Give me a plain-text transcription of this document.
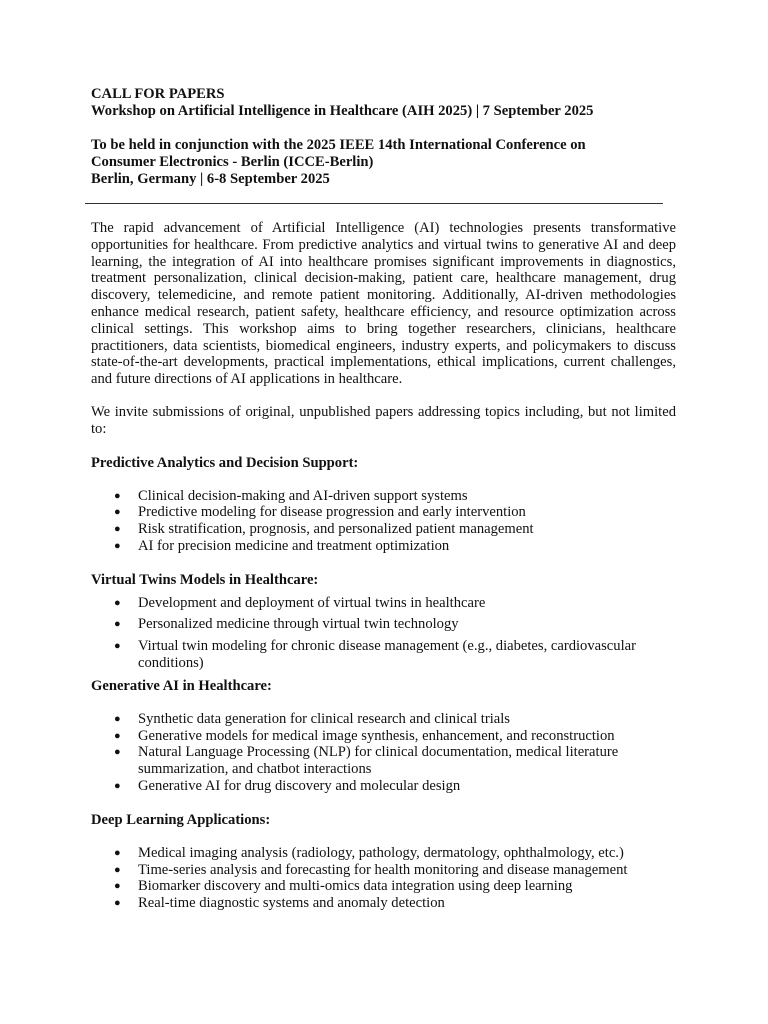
CALL FOR PAPERS

Workshop on Artificial Intelligence in Healthcare (AIH 2025) | 7 September 2025

To be held in conjunction with the 2025 IEEE 14th International Conference on

Consumer Electronics - Berlin (ICCE-Berlin)

Berlin, Germany | 6-8 September 2025

The rapid advancement of Artificial Intelligence (AI) technologies presents transformative opportunities for healthcare. From predictive analytics and virtual twins to generative AI and deep learning, the integration of AI into healthcare promises significant improvements in diagnostics, treatment personalization, clinical decision-making, patient care, healthcare management, drug discovery, telemedicine, and remote patient monitoring. Additionally, AI-driven methodologies enhance medical research, patient safety, healthcare efficiency, and resource optimization across clinical settings. This workshop aims to bring together researchers, clinicians, healthcare practitioners, data scientists, biomedical engineers, industry experts, and policymakers to discuss state-of-the-art developments, practical implementations, ethical implications, current challenges, and future directions of AI applications in healthcare.

We invite submissions of original, unpublished papers addressing topics including, but not limited to:

Predictive Analytics and Decision Support:

● Clinical decision-making and AI-driven support systems
● Predictive modeling for disease progression and early intervention
● Risk stratification, prognosis, and personalized patient management
● AI for precision medicine and treatment optimization

Virtual Twins Models in Healthcare:

● Development and deployment of virtual twins in healthcare
● Personalized medicine through virtual twin technology
● Virtual twin modeling for chronic disease management (e.g., diabetes, cardiovascular conditions)

Generative AI in Healthcare:

● Synthetic data generation for clinical research and clinical trials
● Generative models for medical image synthesis, enhancement, and reconstruction
● Natural Language Processing (NLP) for clinical documentation, medical literature summarization, and chatbot interactions
● Generative AI for drug discovery and molecular design

Deep Learning Applications:

● Medical imaging analysis (radiology, pathology, dermatology, ophthalmology, etc.)
● Time-series analysis and forecasting for health monitoring and disease management
● Biomarker discovery and multi-omics data integration using deep learning
● Real-time diagnostic systems and anomaly detection
